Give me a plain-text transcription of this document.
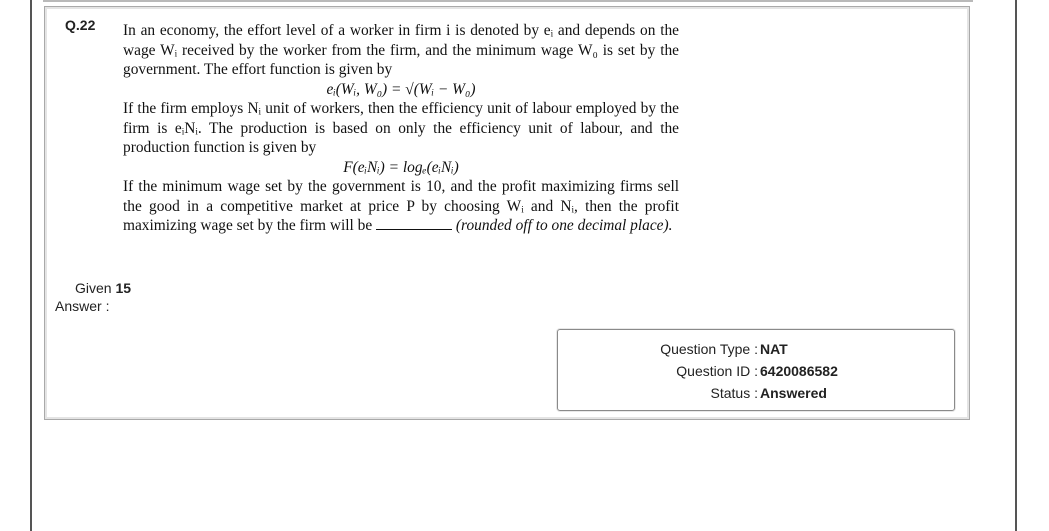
Q.22 In an economy, the effort level of a worker in firm i is denoted by eᵢ and depends on the wage Wᵢ received by the worker from the firm, and the minimum wage W₀ is set by the government. The effort function is given by

eᵢ(Wᵢ, W₀) = √(Wᵢ − W₀)

If the firm employs Nᵢ unit of workers, then the efficiency unit of labour employed by the firm is eᵢNᵢ. The production is based on only the efficiency unit of labour, and the production function is given by

F(eᵢNᵢ) = logₑ(eᵢNᵢ)

If the minimum wage set by the government is 10, and the profit maximizing firms sell the good in a competitive market at price P by choosing Wᵢ and Nᵢ, then the profit maximizing wage set by the firm will be	(rounded off to one decimal place).

Given 15
Answer :
Question Type : NAT
Question ID : 6420086582
Status : Answered
